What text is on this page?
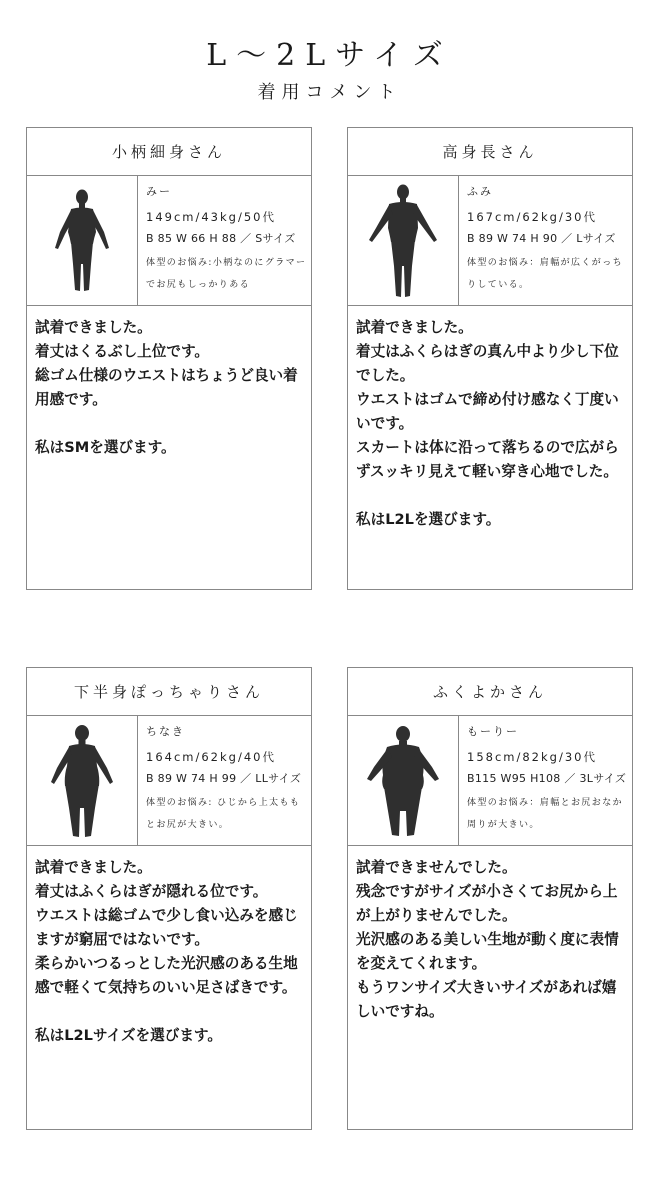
L～2Lサイズ
着用コメント
小柄細身さん
みー
149cm/43kg/50代
B 85 W 66 H 88 ／ Sサイズ
体型のお悩み:小柄なのにグラマーでお尻もしっかりある
試着できました。
着丈はくるぶし上位です。
総ゴム仕様のウエストはちょうど良い着用感です。

私はSMを選びます。
高身長さん
ふみ
167cm/62kg/30代
B 89 W 74 H 90 ／ Lサイズ
体型のお悩み：肩幅が広くがっちりしている。
試着できました。
着丈はふくらはぎの真ん中より少し下位でした。
ウエストはゴムで締め付け感なく丁度いいです。
スカートは体に沿って落ちるので広がらずスッキリ見えて軽い穿き心地でした。

私はL2Lを選びます。
下半身ぽっちゃりさん
ちなき
164cm/62kg/40代
B 89 W 74 H 99 ／ LLサイズ
体型のお悩み: ひじから上太ももとお尻が大きい。
試着できました。
着丈はふくらはぎが隠れる位です。
ウエストは総ゴムで少し食い込みを感じますが窮屈ではないです。
柔らかいつるっとした光沢感のある生地感で軽くて気持ちのいい足さばきです。

私はL2Lサイズを選びます。
ふくよかさん
もーりー
158cm/82kg/30代
B115 W95 H108 ／ 3Lサイズ
体型のお悩み：肩幅とお尻おなか周りが大きい。
試着できませんでした。
残念ですがサイズが小さくてお尻から上が上がりませんでした。
光沢感のある美しい生地が動く度に表情を変えてくれます。
もうワンサイズ大きいサイズがあれば嬉しいですね。
